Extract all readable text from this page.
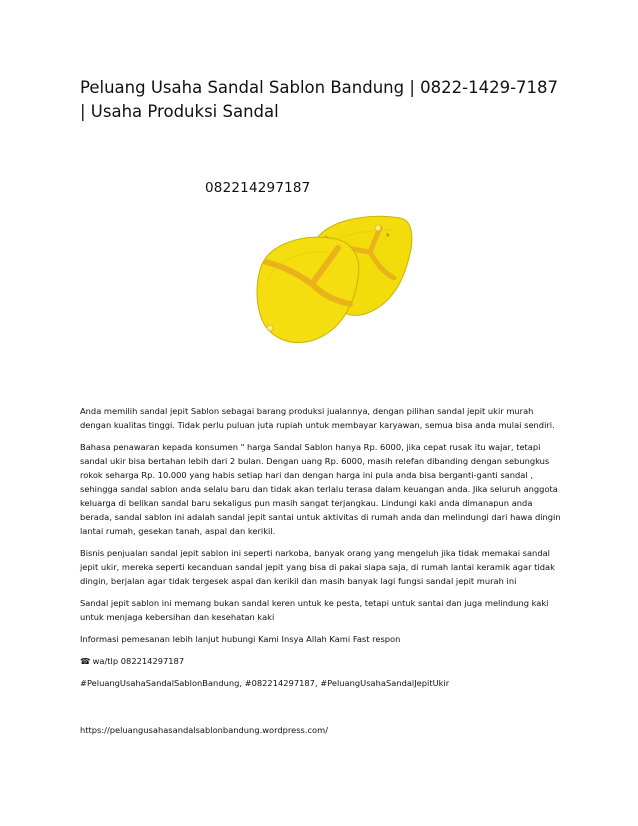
Peluang Usaha Sandal Sablon Bandung | 0822-1429-7187
| Usaha Produksi Sandal
082214297187
⚜

Anda memilih sandal jepit Sablon sebagai barang produksi jualannya, dengan pilihan sandal jepit ukir murah
dengan kualitas tinggi. Tidak perlu puluan juta rupiah untuk membayar karyawan, semua bisa anda mulai sendiri.

Bahasa penawaran kepada konsumen " harga Sandal Sablon hanya Rp. 6000, jika cepat rusak itu wajar, tetapi
sandal ukir bisa bertahan lebih dari 2 bulan. Dengan uang Rp. 6000, masih relefan dibanding dengan sebungkus
rokok seharga Rp. 10.000 yang habis setiap hari dan dengan harga ini pula anda bisa berganti-ganti sandal ,
sehingga sandal sablon anda selalu baru dan tidak akan terlalu terasa dalam keuangan anda. Jika seluruh anggota
keluarga di belikan sandal baru sekaligus pun masih sangat terjangkau. Lindungi kaki anda dimanapun anda
berada, sandal sablon ini adalah sandal jepit santai untuk aktivitas di rumah anda dan melindungi dari hawa dingin
lantai rumah, gesekan tanah, aspal dan kerikil.

Bisnis penjualan sandal jepit sablon ini seperti narkoba, banyak orang yang mengeluh jika tidak memakai sandal
jepit ukir, mereka seperti kecanduan sandal jepit yang bisa di pakai siapa saja, di rumah lantai keramik agar tidak
dingin, berjalan agar tidak tergesek aspal dan kerikil dan masih banyak lagi fungsi sandal jepit murah ini

Sandal jepit sablon ini memang bukan sandal keren untuk ke pesta, tetapi untuk santai dan juga melindung kaki
untuk menjaga kebersihan dan kesehatan kaki

Informasi pemesanan lebih lanjut hubungi Kami Insya Allah Kami Fast respon

☎ wa/tlp 082214297187

#PeluangUsahaSandalSablonBandung, #082214297187, #PeluangUsahaSandalJepitUkir

https://peluangusahasandalsablonbandung.wordpress.com/
